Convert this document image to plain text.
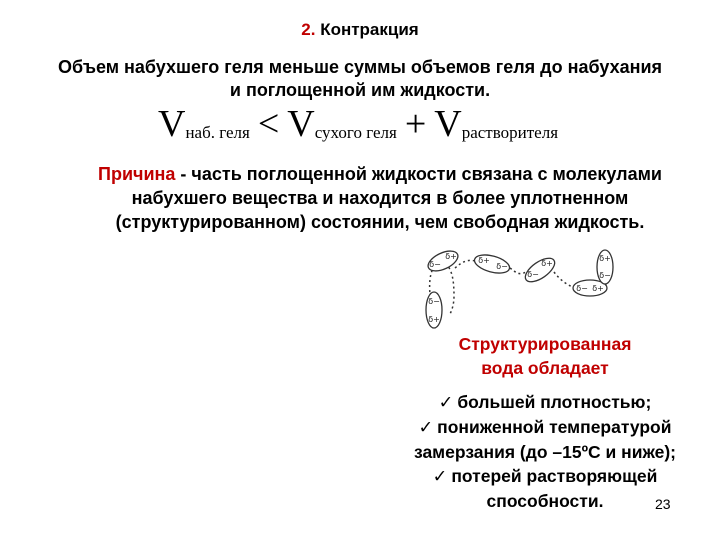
2. Контракция
Объем набухшего геля меньше суммы объемов геля до набухания
и поглощенной им жидкости.
Vнаб. геля < Vсухого геля + Vрастворителя
Причина - часть поглощенной жидкости связана с молекулами
набухшего вещества и находится в более уплотненном
(структурированном) состоянии, чем свободная жидкость.
δ−
δ+	δ+
δ−
δ−
δ+
δ− δ+
δ+
δ−
δ−
δ+
Структурированная
вода обладает
✓ большей плотностью;
✓ пониженной температурой
замерзания (до –15ºC и ниже);
✓ потерей растворяющей
способности.	23
